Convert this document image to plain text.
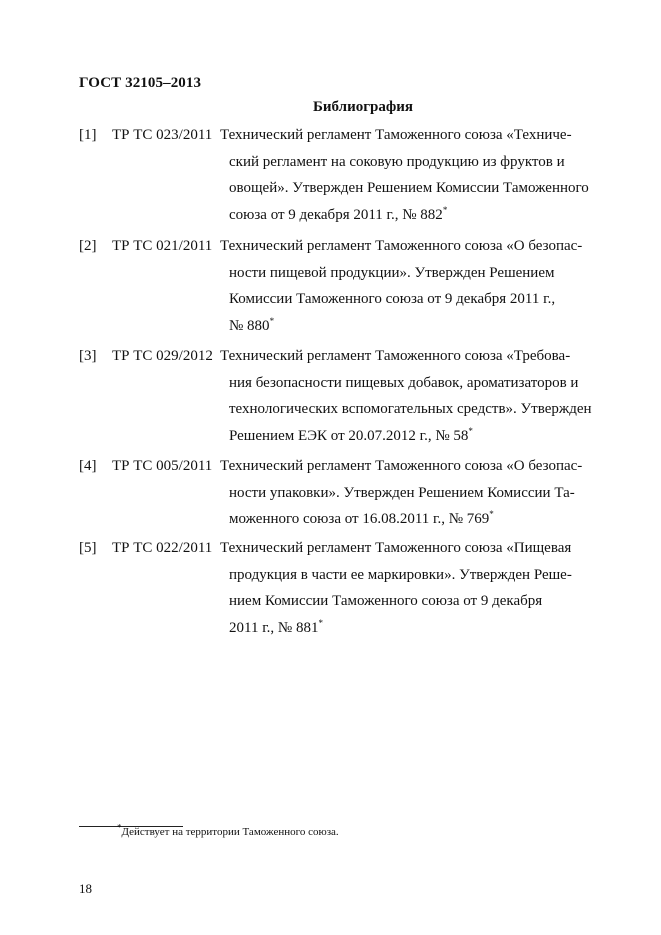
ГОСТ 32105–2013
Библиография
[1] ТР ТС 023/2011 Технический регламент Таможенного союза «Техниче-
ский регламент на соковую продукцию из фруктов и
овощей». Утвержден Решением Комиссии Таможенного
союза от 9 декабря 2011 г., № 882*
[2] ТР ТС 021/2011 Технический регламент Таможенного союза «О безопас-
ности пищевой продукции». Утвержден Решением
Комиссии Таможенного союза от 9 декабря 2011 г.,
№ 880*
[3] ТР ТС 029/2012 Технический регламент Таможенного союза «Требова-
ния безопасности пищевых добавок, ароматизаторов и
технологических вспомогательных средств». Утвержден
Решением ЕЭК от 20.07.2012 г., № 58*
[4] ТР ТС 005/2011 Технический регламент Таможенного союза «О безопас-
ности упаковки». Утвержден Решением Комиссии Та-
моженного союза от 16.08.2011 г., № 769*
[5] ТР ТС 022/2011 Технический регламент Таможенного союза «Пищевая
продукция в части ее маркировки». Утвержден Реше-
нием Комиссии Таможенного союза от 9 декабря
2011 г., № 881*
*Действует на территории Таможенного союза.
18
